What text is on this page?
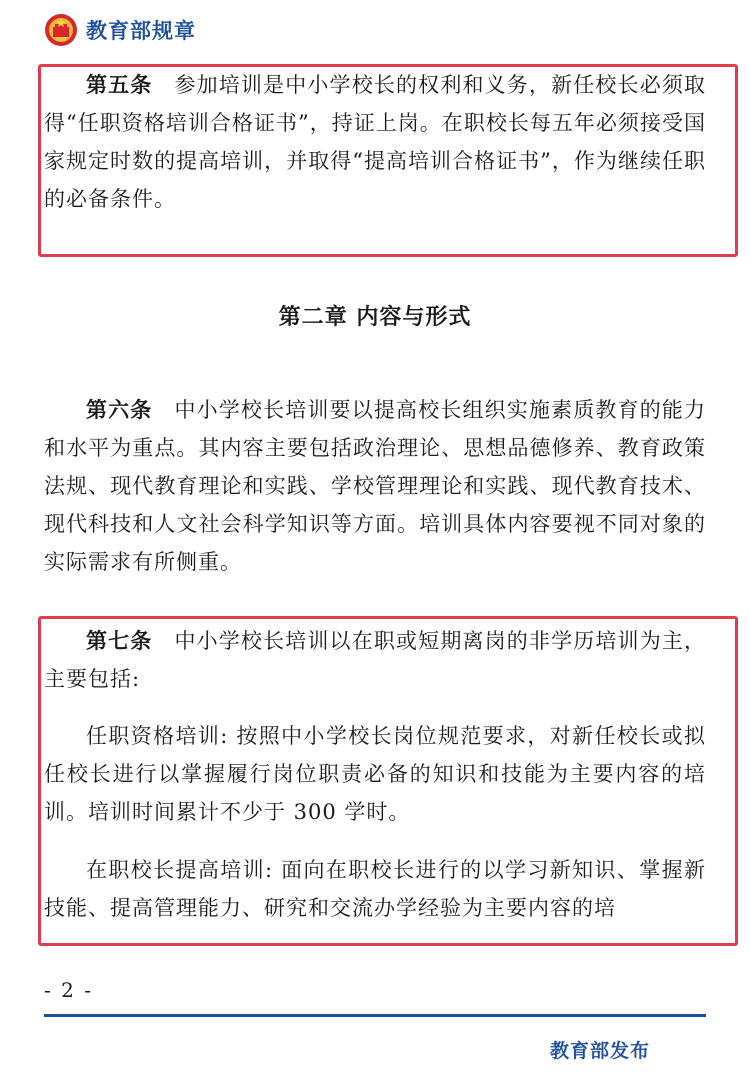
教育部规章

第五条 参加培训是中小学校长的权利和义务，新任校长必须取得“任职资格培训合格证书”，持证上岗。在职校长每五年必须接受国家规定时数的提高培训，并取得“提高培训合格证书”，作为继续任职的必备条件。

第二章 内容与形式

第六条 中小学校长培训要以提高校长组织实施素质教育的能力和水平为重点。其内容主要包括政治理论、思想品德修养、教育政策法规、现代教育理论和实践、学校管理理论和实践、现代教育技术、现代科技和人文社会科学知识等方面。培训具体内容要视不同对象的实际需求有所侧重。

第七条 中小学校长培训以在职或短期离岗的非学历培训为主，主要包括:

任职资格培训: 按照中小学校长岗位规范要求，对新任校长或拟任校长进行以掌握履行岗位职责必备的知识和技能为主要内容的培训。培训时间累计不少于 300 学时。

在职校长提高培训: 面向在职校长进行的以学习新知识、掌握新技能、提高管理能力、研究和交流办学经验为主要内容的培

- 2 -
教育部发布
